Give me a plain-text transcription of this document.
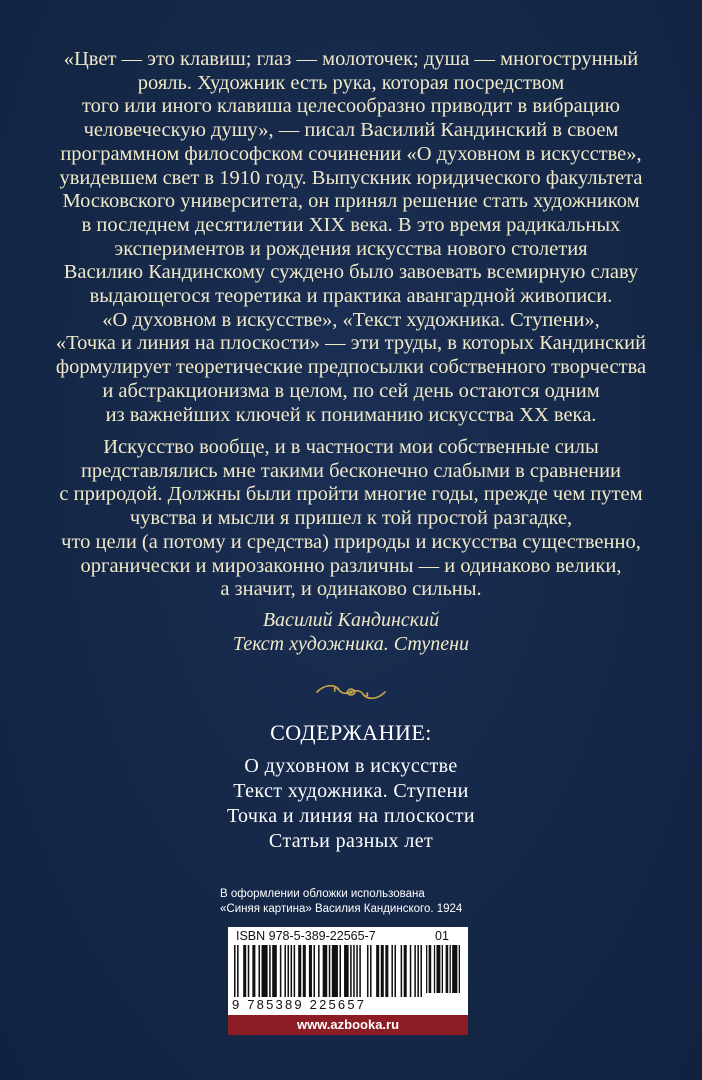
«Цвет — это клавиш; глаз — молоточек; душа — многострунный
рояль. Художник есть рука, которая посредством
того или иного клавиша целесообразно приводит в вибрацию
человеческую душу», — писал Василий Кандинский в своем
программном философском сочинении «О духовном в искусстве»,
увидевшем свет в 1910 году. Выпускник юридического факультета
Московского университета, он принял решение стать художником
в последнем десятилетии XIX века. В это время радикальных
экспериментов и рождения искусства нового столетия
Василию Кандинскому суждено было завоевать всемирную славу
выдающегося теоретика и практика авангардной живописи.
«О духовном в искусстве», «Текст художника. Ступени»,
«Точка и линия на плоскости» — эти труды, в которых Кандинский
формулирует теоретические предпосылки собственного творчества
и абстракционизма в целом, по сей день остаются одним
из важнейших ключей к пониманию искусства XX века.

Искусство вообще, и в частности мои собственные силы
представлялись мне такими бесконечно слабыми в сравнении
с природой. Должны были пройти многие годы, прежде чем путем
чувства и мысли я пришел к той простой разгадке,
что цели (а потому и средства) природы и искусства существенно,
органически и мирозаконно различны — и одинаково велики,
а значит, и одинаково сильны.

Василий Кандинский
Текст художника. Ступени
СОДЕРЖАНИЕ:
О духовном в искусстве
Текст художника. Ступени
Точка и линия на плоскости
Статьи разных лет
В оформлении обложки использована
«Синяя картина» Василия Кандинского. 1924
ISBN 978-5-389-22565-7	01
9 785389 225657
www.azbooka.ru
